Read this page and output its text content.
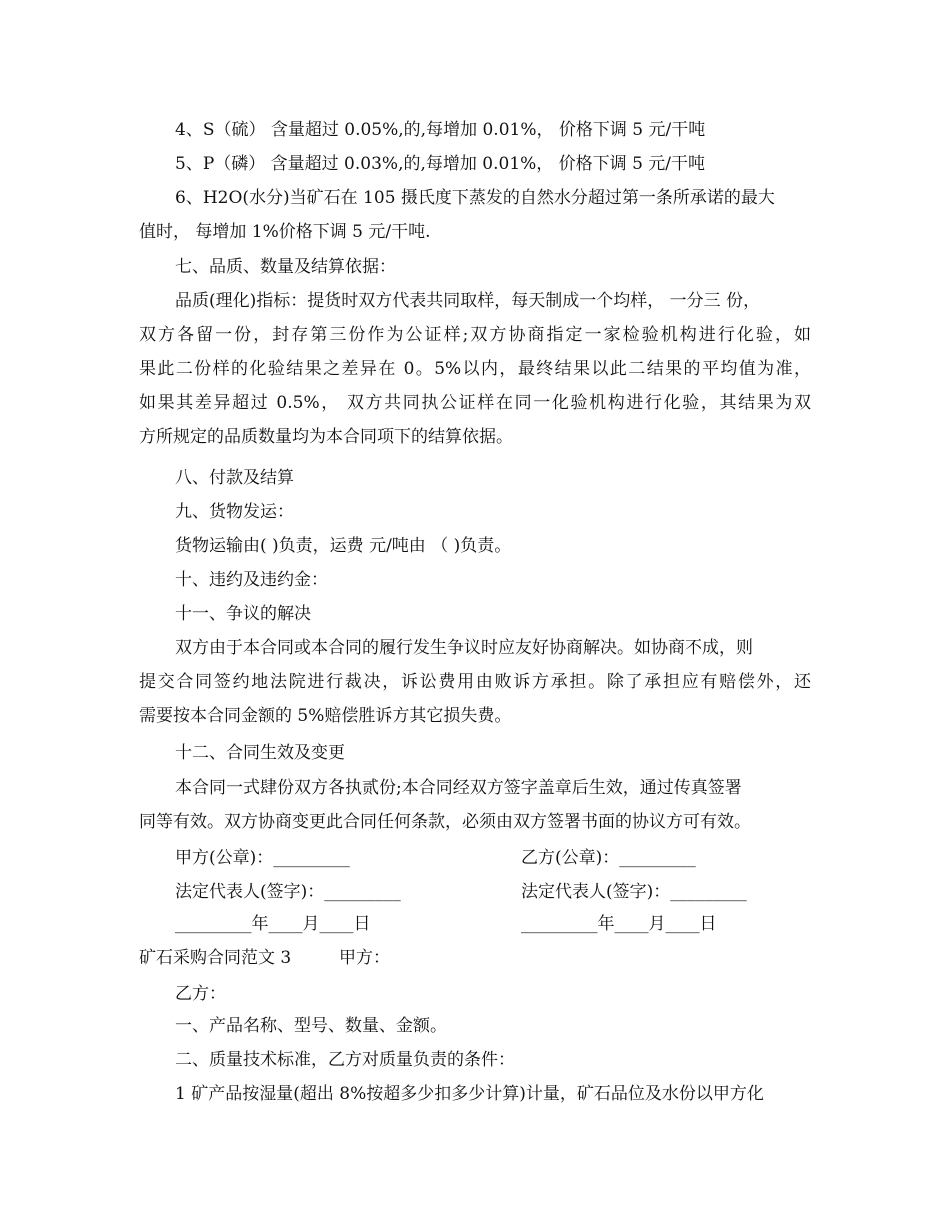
4、S（硫） 含量超过 0.05%,的,每增加 0.01%， 价格下调 5 元/干吨
5、P（磷） 含量超过 0.03%,的,每增加 0.01%， 价格下调 5 元/干吨
6、H2O(水分)当矿石在 105 摄氏度下蒸发的自然水分超过第一条所承诺的最大
值时， 每增加 1%价格下调 5 元/干吨.
七、品质、数量及结算依据：
品质(理化)指标：提货时双方代表共同取样，每天制成一个均样， 一分三 份，
双方各留一份，封存第三份作为公证样;双方协商指定一家检验机构进行化验，如
果此二份样的化验结果之差异在 0。5%以内，最终结果以此二结果的平均值为准，
如果其差异超过 0.5%， 双方共同执公证样在同一化验机构进行化验，其结果为双
方所规定的品质数量均为本合同项下的结算依据。
八、付款及结算
九、货物发运：
货物运输由( )负责，运费 元/吨由 （ )负责。
十、违约及违约金：
十一、争议的解决
双方由于本合同或本合同的履行发生争议时应友好协商解决。如协商不成，则
提交合同签约地法院进行裁决，诉讼费用由败诉方承担。除了承担应有赔偿外，还
需要按本合同金额的 5%赔偿胜诉方其它损失费。
十二、合同生效及变更
本合同一式肆份双方各执贰份;本合同经双方签字盖章后生效，通过传真签署
同等有效。双方协商变更此合同任何条款，必须由双方签署书面的协议方可有效。
甲方(公章)：_________	乙方(公章)：_________
法定代表人(签字)：_________	法定代表人(签字)：_________
_________年____月____日	_________年____月____日
矿石采购合同范文 3	甲方：
乙方：
一、产品名称、型号、数量、金额。
二、质量技术标准，乙方对质量负责的条件：
1 矿产品按湿量(超出 8%按超多少扣多少计算)计量，矿石品位及水份以甲方化
